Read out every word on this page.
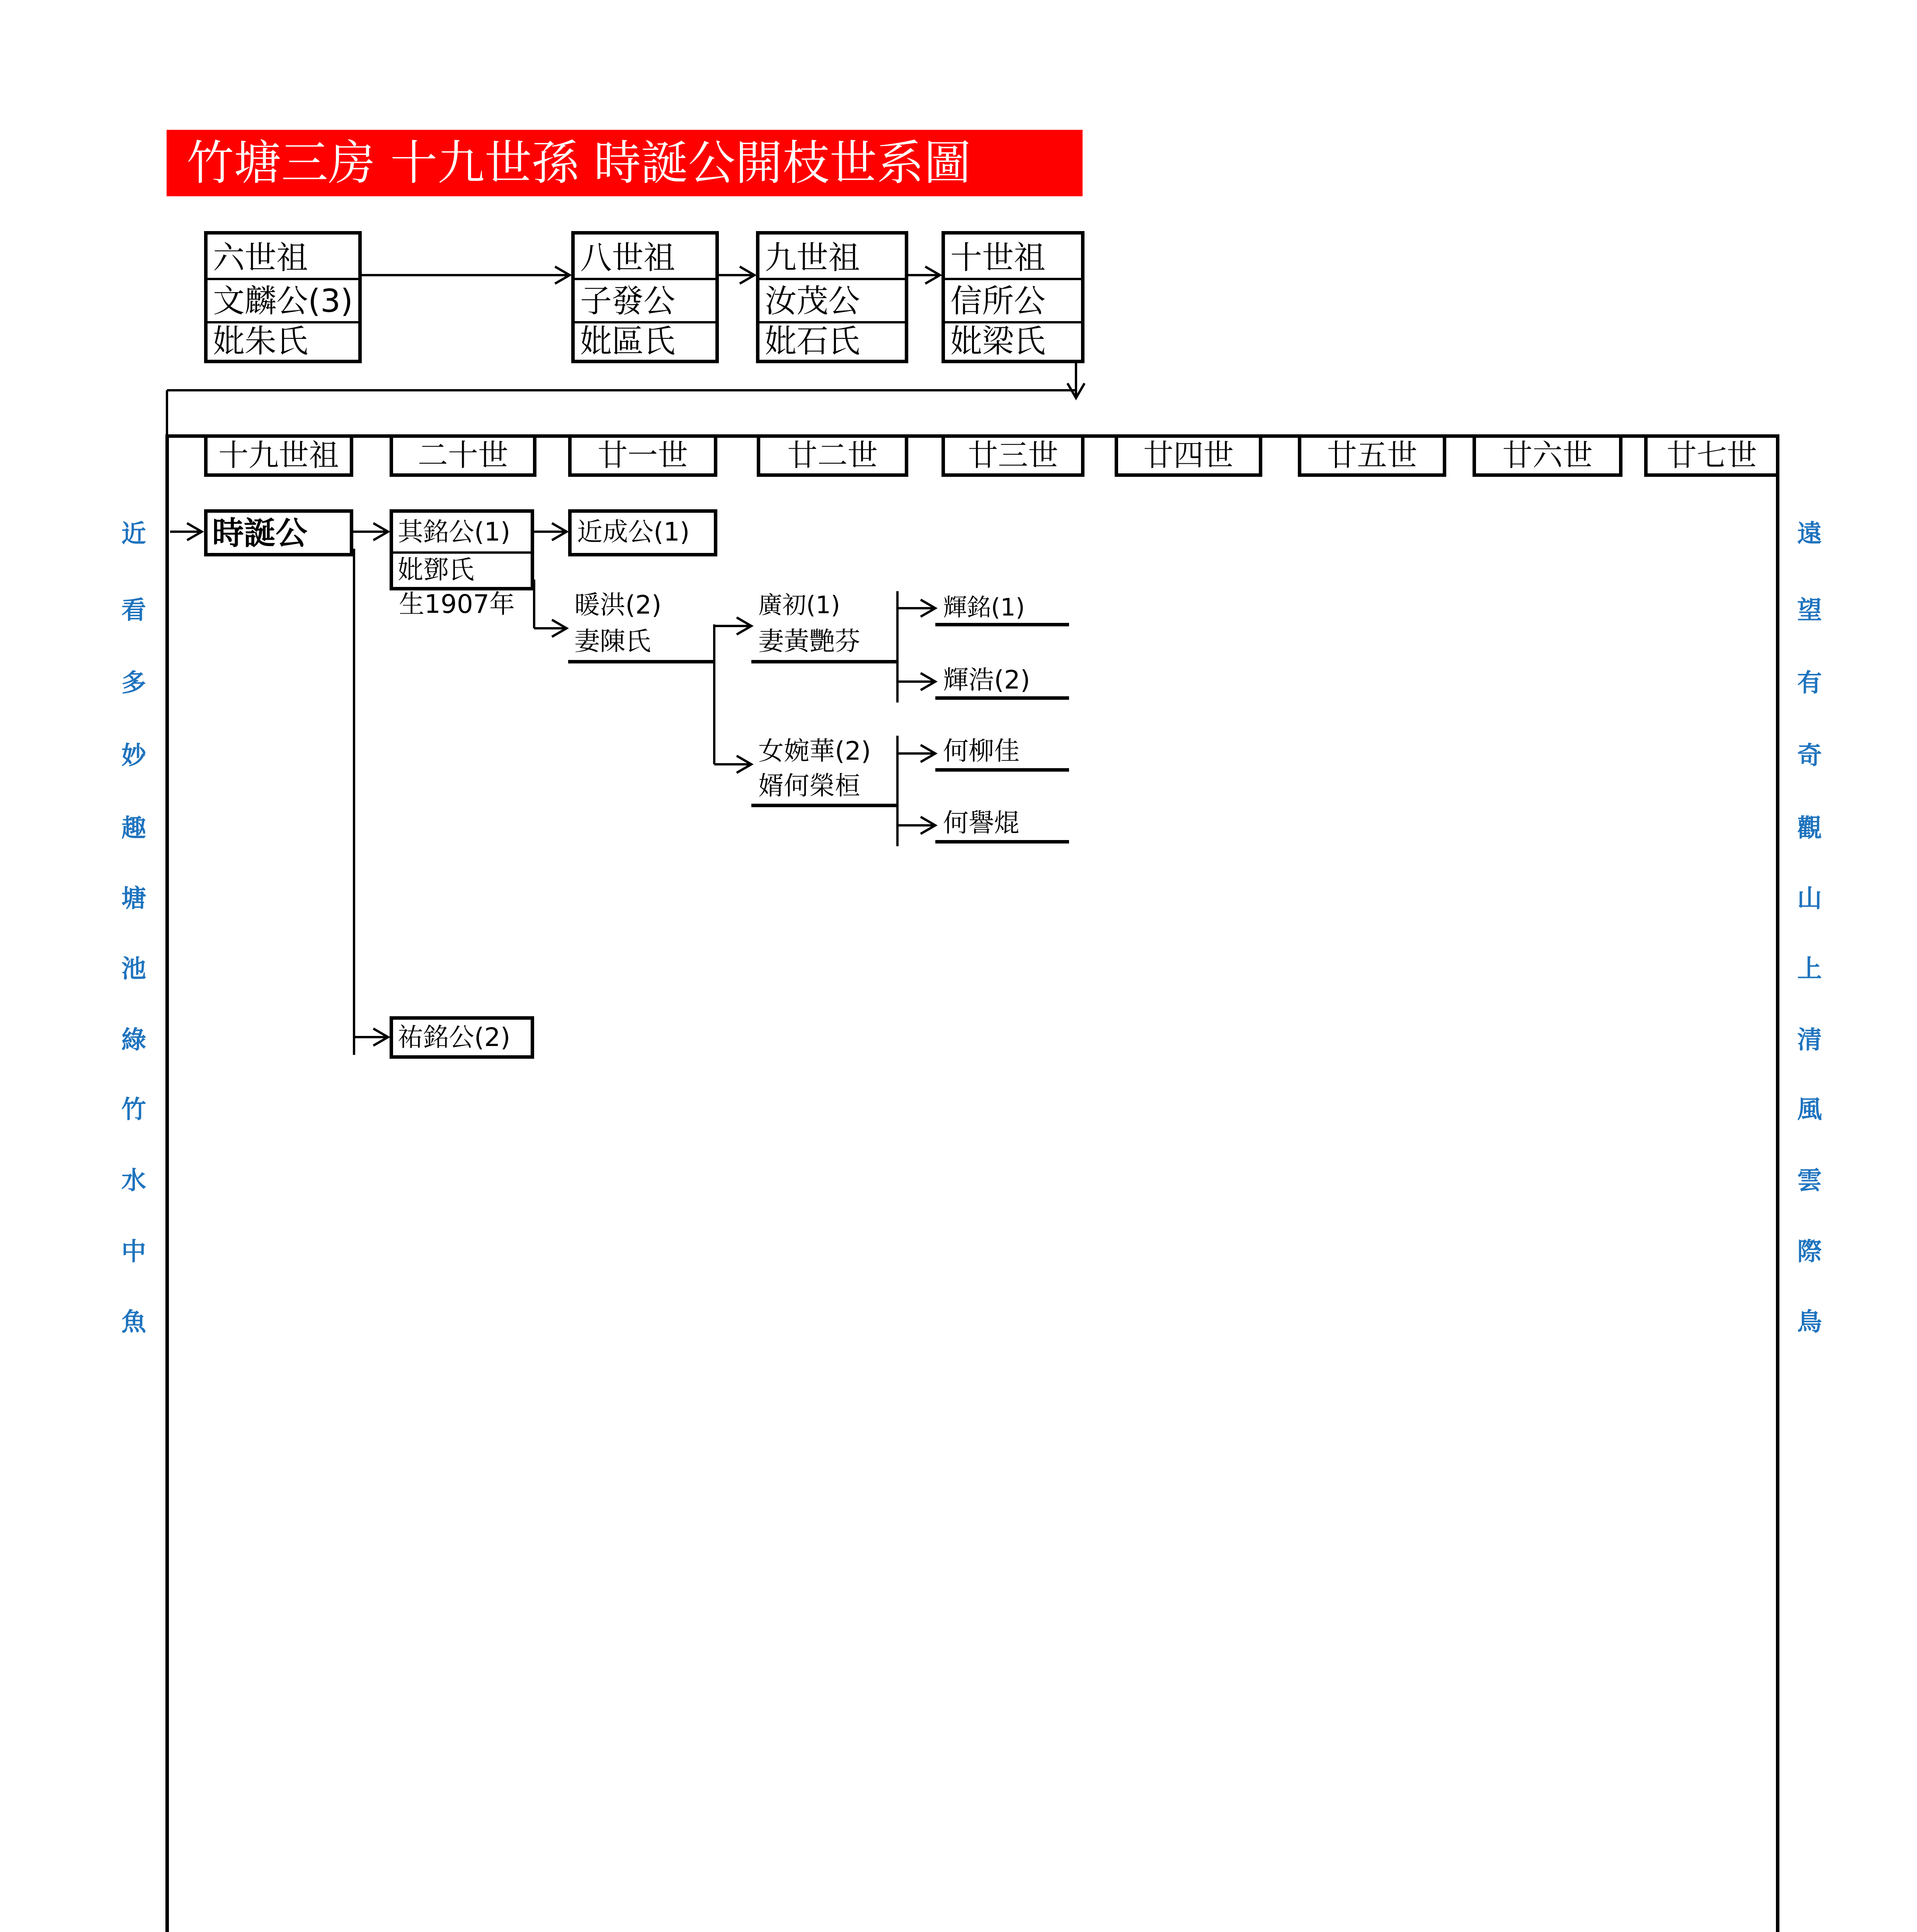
竹塘三房 十九世孫 時誕公開枝世系圖
六世祖
文麟公(3)
妣朱氏
八世祖
子發公
妣區氏
九世祖
汝茂公
妣石氏
十世祖
信所公
妣梁氏
十九世祖	二十世	廿一世	廿二世	廿三世	廿四世	廿五世	廿六世	廿七世
近
看
多
妙
趣
塘
池
綠
竹
水
中
魚
遠
望
有
奇
觀
山
上
清
風
雲
際
鳥
時誕公	其銘公(1)
妣鄧氏
生1907年
祐銘公(2)
近成公(1)
暖洪(2)
妻陳氏
廣初(1)
妻黃艷芬
女婉華(2)
婿何榮桓
輝銘(1)
輝浩(2)
何柳佳
何譽焜
